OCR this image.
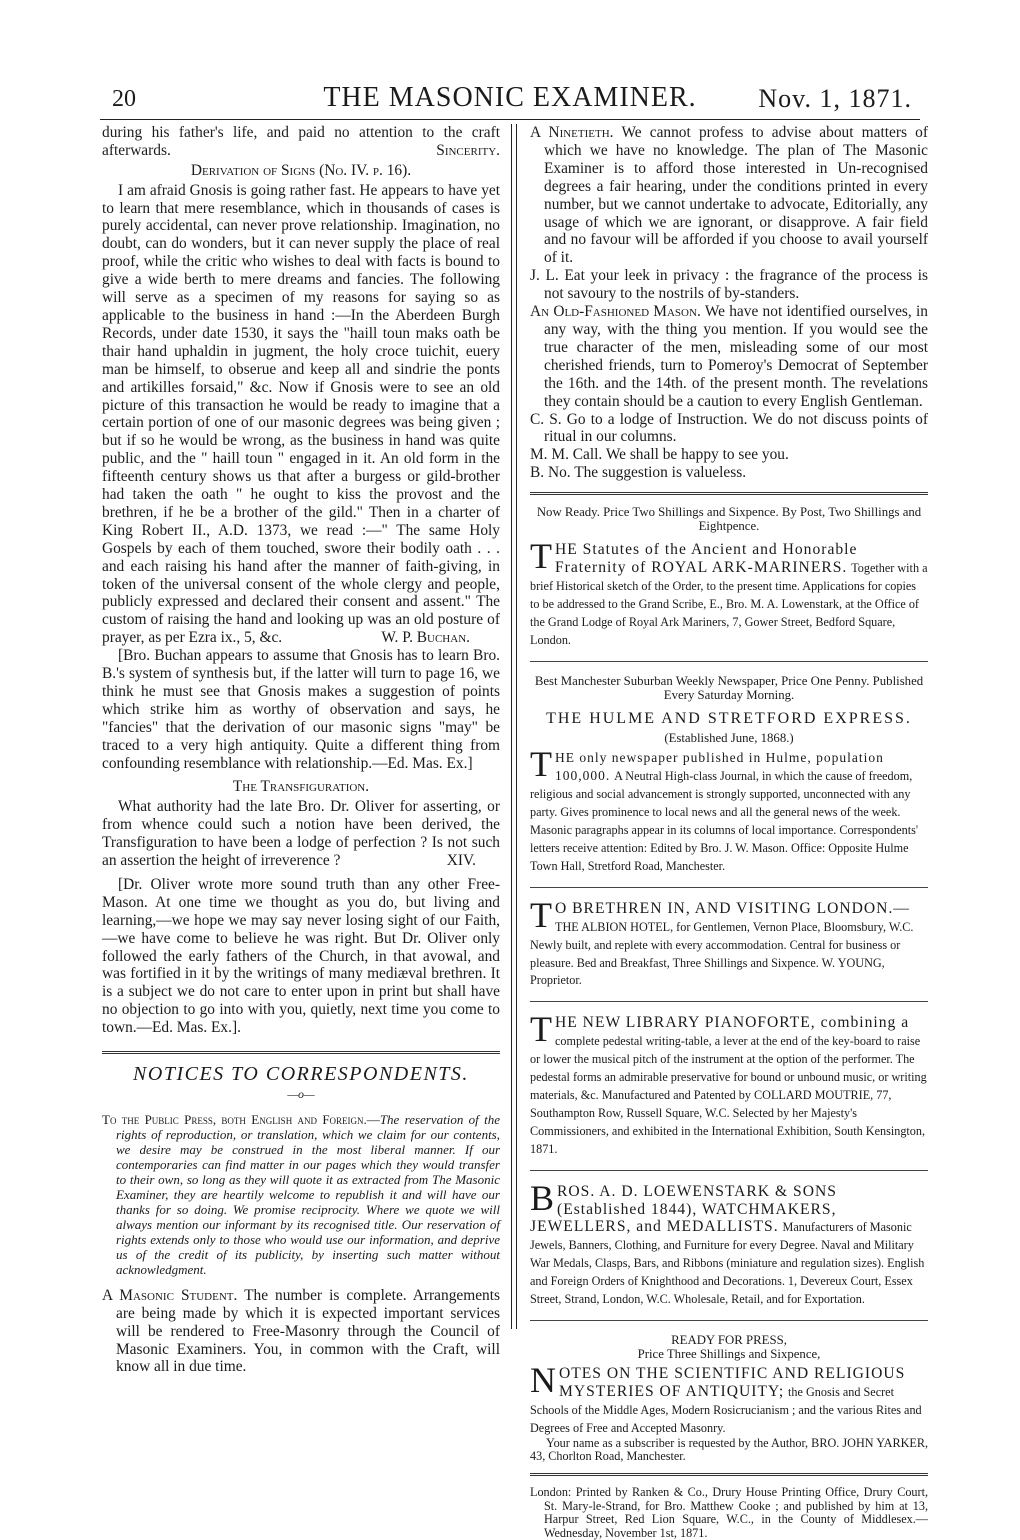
20	THE MASONIC EXAMINER.	Nov. 1, 1871.

during his father's life, and paid no attention to the craft afterwards.	Sincerity.

Derivation of Signs (No. IV. p. 16).

I am afraid Gnosis is going rather fast. He appears to have yet to learn that mere resemblance, which in thousands of cases is purely accidental, can never prove relationship. Imagination, no doubt, can do wonders, but it can never supply the place of real proof, while the critic who wishes to deal with facts is bound to give a wide berth to mere dreams and fancies. The following will serve as a specimen of my reasons for saying so as applicable to the business in hand :—In the Aberdeen Burgh Records, under date 1530, it says the "haill toun maks oath be thair hand uphaldin in jugment, the holy croce tuichit, euery man be himself, to obserue and keep all and sindrie the ponts and artikilles forsaid," &c. Now if Gnosis were to see an old picture of this transaction he would be ready to imagine that a certain portion of one of our masonic degrees was being given ; but if so he would be wrong, as the business in hand was quite public, and the " haill toun " engaged in it. An old form in the fifteenth century shows us that after a burgess or gild-brother had taken the oath " he ought to kiss the provost and the brethren, if he be a brother of the gild." Then in a charter of King Robert II., A.D. 1373, we read :—" The same Holy Gospels by each of them touched, swore their bodily oath . . . and each raising his hand after the manner of faith-giving, in token of the universal consent of the whole clergy and people, publicly expressed and declared their consent and assent." The custom of raising the hand and looking up was an old posture of prayer, as per Ezra ix., 5, &c.	W. P. Buchan.

[Bro. Buchan appears to assume that Gnosis has to learn Bro. B.'s system of synthesis but, if the latter will turn to page 16, we think he must see that Gnosis makes a suggestion of points which strike him as worthy of observation and says, he "fancies" that the derivation of our masonic signs "may" be traced to a very high antiquity. Quite a different thing from confounding resemblance with relationship.—Ed. Mas. Ex.]

The Transfiguration.

What authority had the late Bro. Dr. Oliver for asserting, or from whence could such a notion have been derived, the Transfiguration to have been a lodge of perfection ? Is not such an assertion the height of irreverence ?	XIV.

[Dr. Oliver wrote more sound truth than any other Free-Mason. At one time we thought as you do, but living and learning,—we hope we may say never losing sight of our Faith, —we have come to believe he was right. But Dr. Oliver only followed the early fathers of the Church, in that avowal, and was fortified in it by the writings of many mediæval brethren. It is a subject we do not care to enter upon in print but shall have no objection to go into with you, quietly, next time you come to town.—Ed. Mas. Ex.].

NOTICES TO CORRESPONDENTS.
—o—

To the Public Press, both English and Foreign.—The reservation of the rights of reproduction, or translation, which we claim for our contents, we desire may be construed in the most liberal manner. If our contemporaries can find matter in our pages which they would transfer to their own, so long as they will quote it as extracted from The Masonic Examiner, they are heartily welcome to republish it and will have our thanks for so doing. We promise reciprocity. Where we quote we will always mention our informant by its recognised title. Our reservation of rights extends only to those who would use our information, and deprive us of the credit of its publicity, by inserting such matter without acknowledgment.

A Masonic Student. The number is complete. Arrangements are being made by which it is expected important services will be rendered to Free-Masonry through the Council of Masonic Examiners. You, in common with the Craft, will know all in due time.

A Ninetieth. We cannot profess to advise about matters of which we have no knowledge. The plan of The Masonic Examiner is to afford those interested in Un-recognised degrees a fair hearing, under the conditions printed in every number, but we cannot undertake to advocate, Editorially, any usage of which we are ignorant, or disapprove. A fair field and no favour will be afforded if you choose to avail yourself of it.

J. L. Eat your leek in privacy : the fragrance of the process is not savoury to the nostrils of by-standers.

An Old-Fashioned Mason. We have not identified ourselves, in any way, with the thing you mention. If you would see the true character of the men, misleading some of our most cherished friends, turn to Pomeroy's Democrat of September the 16th. and the 14th. of the present month. The revelations they contain should be a caution to every English Gentleman.

C. S. Go to a lodge of Instruction. We do not discuss points of ritual in our columns.

M. M. Call. We shall be happy to see you.

B. No. The suggestion is valueless.

Now Ready. Price Two Shillings and Sixpence. By Post, Two Shillings and Eightpence.
T HE Statutes of the Ancient and Honorable Fraternity of ROYAL ARK-MARINERS. Together with a brief Historical sketch of the Order, to the present time. Applications for copies to be addressed to the Grand Scribe, E., Bro. M. A. Lowenstark, at the Office of the Grand Lodge of Royal Ark Mariners, 7, Gower Street, Bedford Square, London.
Best Manchester Suburban Weekly Newspaper, Price One Penny. Published Every Saturday Morning.
THE HULME AND STRETFORD EXPRESS.
(Established June, 1868.)
T HE only newspaper published in Hulme, population 100,000. A Neutral High-class Journal, in which the cause of freedom, religious and social advancement is strongly supported, unconnected with any party. Gives prominence to local news and all the general news of the week. Masonic paragraphs appear in its columns of local importance. Correspondents' letters receive attention: Edited by Bro. J. W. Mason. Office: Opposite Hulme Town Hall, Stretford Road, Manchester.
T O BRETHREN IN, AND VISITING LONDON.— THE ALBION HOTEL, for Gentlemen, Vernon Place, Bloomsbury, W.C. Newly built, and replete with every accommodation. Central for business or pleasure. Bed and Breakfast, Three Shillings and Sixpence. W. YOUNG, Proprietor.
T HE NEW LIBRARY PIANOFORTE, combining a complete pedestal writing-table, a lever at the end of the key-board to raise or lower the musical pitch of the instrument at the option of the performer. The pedestal forms an admirable preservative for bound or unbound music, or writing materials, &c. Manufactured and Patented by COLLARD MOUTRIE, 77, Southampton Row, Russell Square, W.C. Selected by her Majesty's Commissioners, and exhibited in the International Exhibition, South Kensington, 1871.
B ROS. A. D. LOEWENSTARK & SONS (Established 1844), WATCHMAKERS, JEWELLERS, and MEDALLISTS. Manufacturers of Masonic Jewels, Banners, Clothing, and Furniture for every Degree. Naval and Military War Medals, Clasps, Bars, and Ribbons (miniature and regulation sizes). English and Foreign Orders of Knighthood and Decorations. 1, Devereux Court, Essex Street, Strand, London, W.C. Wholesale, Retail, and for Exportation.
READY FOR PRESS,
Price Three Shillings and Sixpence,
N OTES ON THE SCIENTIFIC AND RELIGIOUS MYSTERIES OF ANTIQUITY; the Gnosis and Secret Schools of the Middle Ages, Modern Rosicrucianism ; and the various Rites and Degrees of Free and Accepted Masonry.

Your name as a subscriber is requested by the Author, BRO. JOHN YARKER, 43, Chorlton Road, Manchester.

London: Printed by Ranken & Co., Drury House Printing Office, Drury Court, St. Mary-le-Strand, for Bro. Matthew Cooke ; and published by him at 13, Harpur Street, Red Lion Square, W.C., in the County of Middlesex.—Wednesday, November 1st, 1871.
